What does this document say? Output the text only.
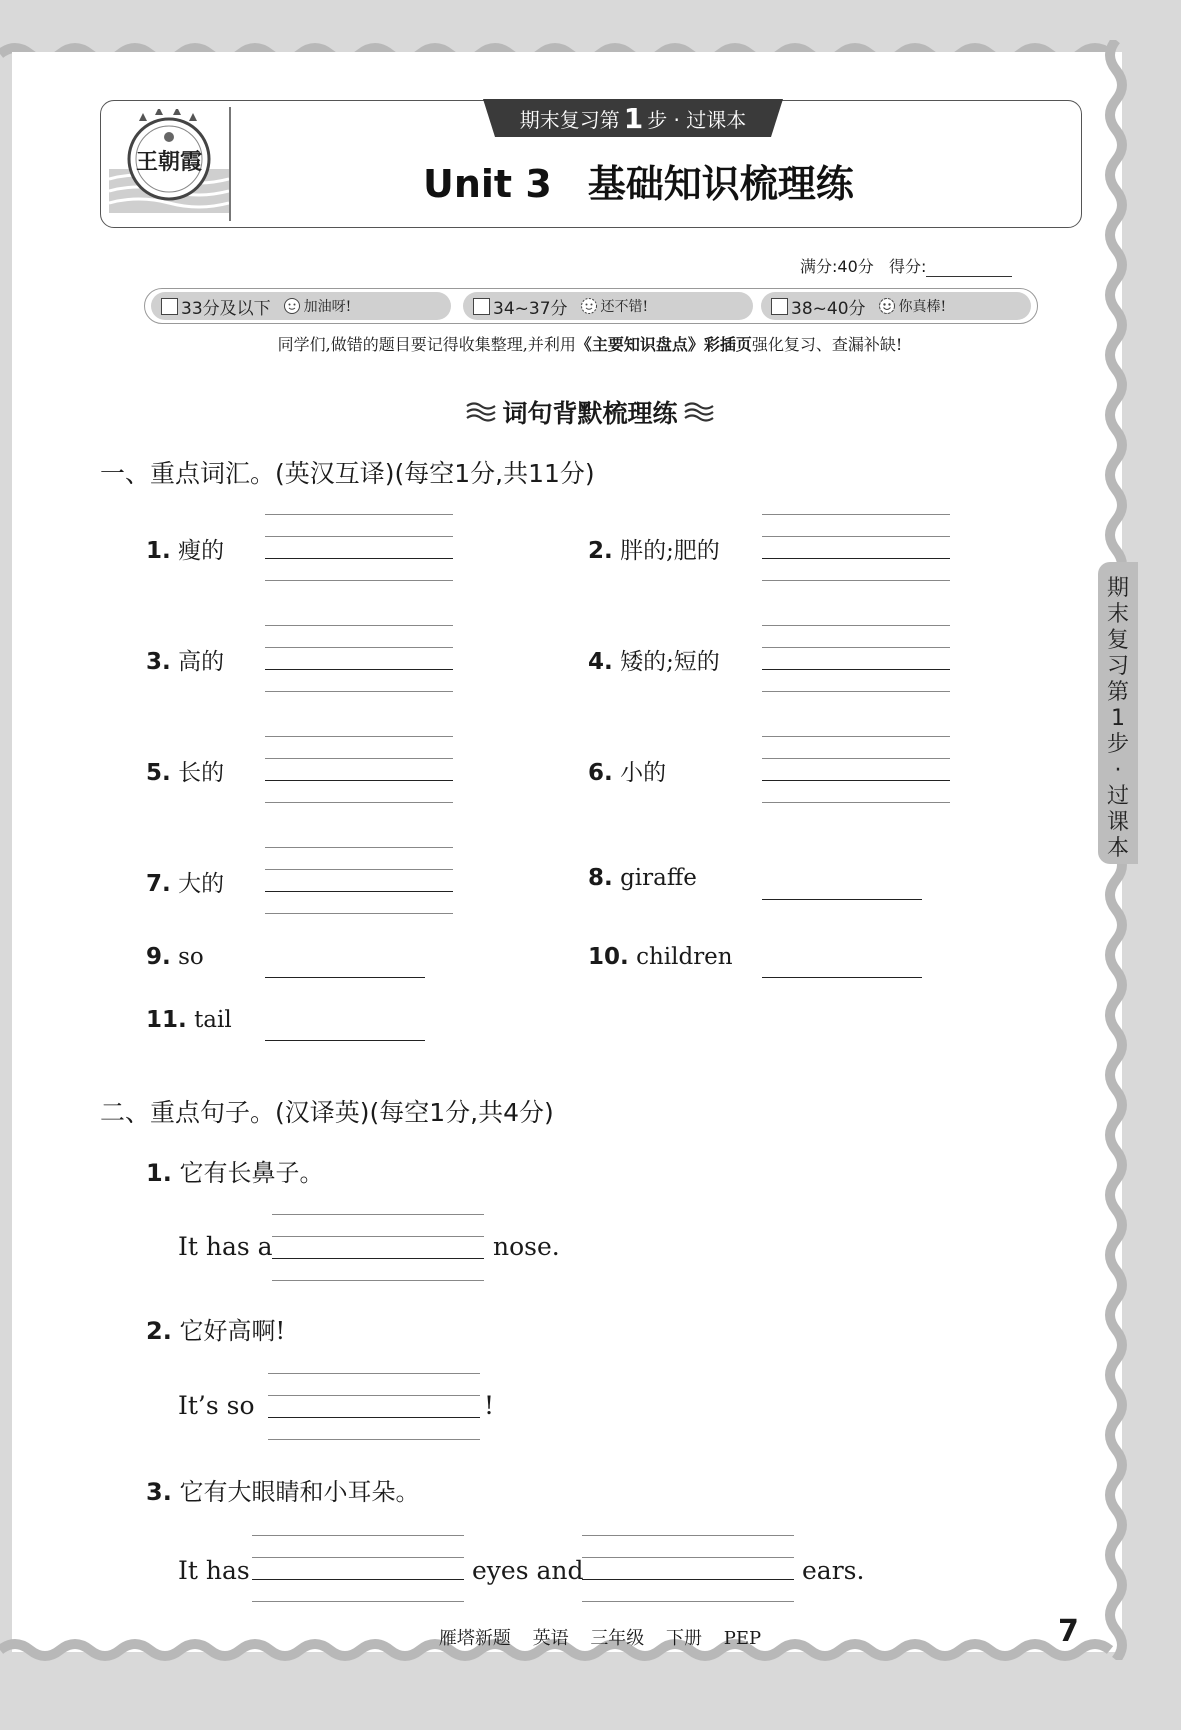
王朝霞
期末复习第 1 步 · 过课本
Unit 3 基础知识梳理练
满分:40分 得分:
33分及以下 加油呀!	34~37分 还不错!	38~40分 你真棒!
同学们,做错的题目要记得收集整理,并利用《主要知识盘点》彩插页强化复习、查漏补缺!
词句背默梳理练
一、重点词汇。(英汉互译)(每空1分,共11分)
1. 瘦的	2. 胖的;肥的
3. 高的	4. 矮的;短的
5. 长的	6. 小的
7. 大的	8. giraffe
9. so	10. children
11. tail
二、重点句子。(汉译英)(每空1分,共4分)
1. 它有长鼻子。
It has a	nose.
2. 它好高啊!
It’s so	!
3. 它有大眼睛和小耳朵。
It has	eyes and	ears.
期
末
复
习
第
1
步
·
过
课
本
雁塔新题 英语 三年级 下册 PEP	7
